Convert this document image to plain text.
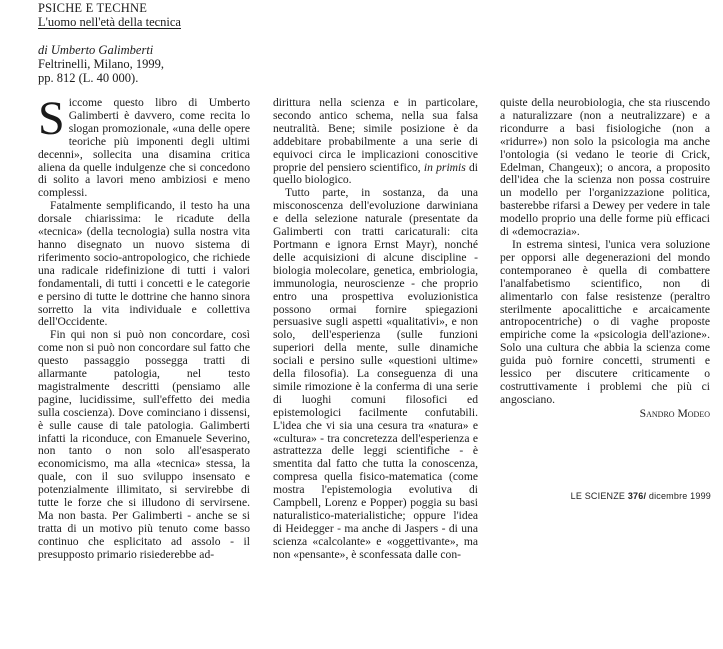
PSICHE E TECHNE
L'uomo nell'età della tecnica
di Umberto Galimberti
Feltrinelli, Milano, 1999,
pp. 812 (L. 40 000).

Siccome questo libro di Umberto Galimberti è davvero, come recita lo slogan promozionale, «una delle opere teoriche più imponenti degli ultimi decenni», sollecita una disamina critica aliena da quelle indulgenze che si concedono di solito a lavori meno ambiziosi e meno complessi.

Fatalmente semplificando, il testo ha una dorsale chiarissima: le ricadute della «tecnica» (della tecnologia) sulla nostra vita hanno disegnato un nuovo sistema di riferimento socio-antropologico, che richiede una radicale ridefinizione di tutti i valori fondamentali, di tutti i concetti e le categorie e persino di tutte le dottrine che hanno sinora sorretto la vita individuale e collettiva dell'Occidente.

Fin qui non si può non concordare, così come non si può non concordare sul fatto che questo passaggio possegga tratti di allarmante patologia, nel testo magistralmente descritti (pensiamo alle pagine, lucidissime, sull'effetto dei media sulla coscienza). Dove cominciano i dissensi, è sulle cause di tale patologia. Galimberti infatti la riconduce, con Emanuele Severino, non tanto o non solo all'esasperato economicismo, ma alla «tecnica» stessa, la quale, con il suo sviluppo insensato e potenzialmente illimitato, si servirebbe di tutte le forze che si illudono di servirsene. Ma non basta. Per Galimberti - anche se si tratta di un motivo più tenuto come basso continuo che esplicitato ad assolo - il presupposto primario risiederebbe ad-

dirittura nella scienza e in particolare, secondo antico schema, nella sua falsa neutralità. Bene; simile posizione è da addebitare probabilmente a una serie di equivoci circa le implicazioni conoscitive proprie del pensiero scientifico, in primis di quello biologico.

Tutto parte, in sostanza, da una misconoscenza dell'evoluzione darwiniana e della selezione naturale (presentate da Galimberti con tratti caricaturali: cita Portmann e ignora Ernst Mayr), nonché delle acquisizioni di alcune discipline - biologia molecolare, genetica, embriologia, immunologia, neuroscienze - che proprio entro una prospettiva evoluzionistica possono ormai fornire spiegazioni persuasive sugli aspetti «qualitativi», e non solo, dell'esperienza (sulle funzioni superiori della mente, sulle dinamiche sociali e persino sulle «questioni ultime» della filosofia). La conseguenza di una simile rimozione è la conferma di una serie di luoghi comuni filosofici ed epistemologici facilmente confutabili. L'idea che vi sia una cesura tra «natura» e «cultura» - tra concretezza dell'esperienza e astrattezza delle leggi scientifiche - è smentita dal fatto che tutta la conoscenza, compresa quella fisico-matematica (come mostra l'epistemologia evolutiva di Campbell, Lorenz e Popper) poggia su basi naturalistico-materialistiche; oppure l'idea di Heidegger - ma anche di Jaspers - di una scienza «calcolante» e «oggettivante», ma non «pensante», è sconfessata dalle con-

quiste della neurobiologia, che sta riuscendo a naturalizzare (non a neutralizzare) e a ricondurre a basi fisiologiche (non a «ridurre») non solo la psicologia ma anche l'ontologia (si vedano le teorie di Crick, Edelman, Changeux); o ancora, a proposito dell'idea che la scienza non possa costruire un modello per l'organizzazione politica, basterebbe rifarsi a Dewey per vedere in tale modello proprio una delle forme più efficaci di «democrazia».

In estrema sintesi, l'unica vera soluzione per opporsi alle degenerazioni del mondo contemporaneo è quella di combattere l'analfabetismo scientifico, non di alimentarlo con false resistenze (peraltro sterilmente apocalittiche e arcaicamente antropocentriche) o di vaghe proposte empiriche come la «psicologia dell'azione». Solo una cultura che abbia la scienza come guida può fornire concetti, strumenti e lessico per discutere criticamente o costruttivamente i problemi che più ci angosciano.

Sandro Modeo
LE SCIENZE 376/ dicembre 1999
